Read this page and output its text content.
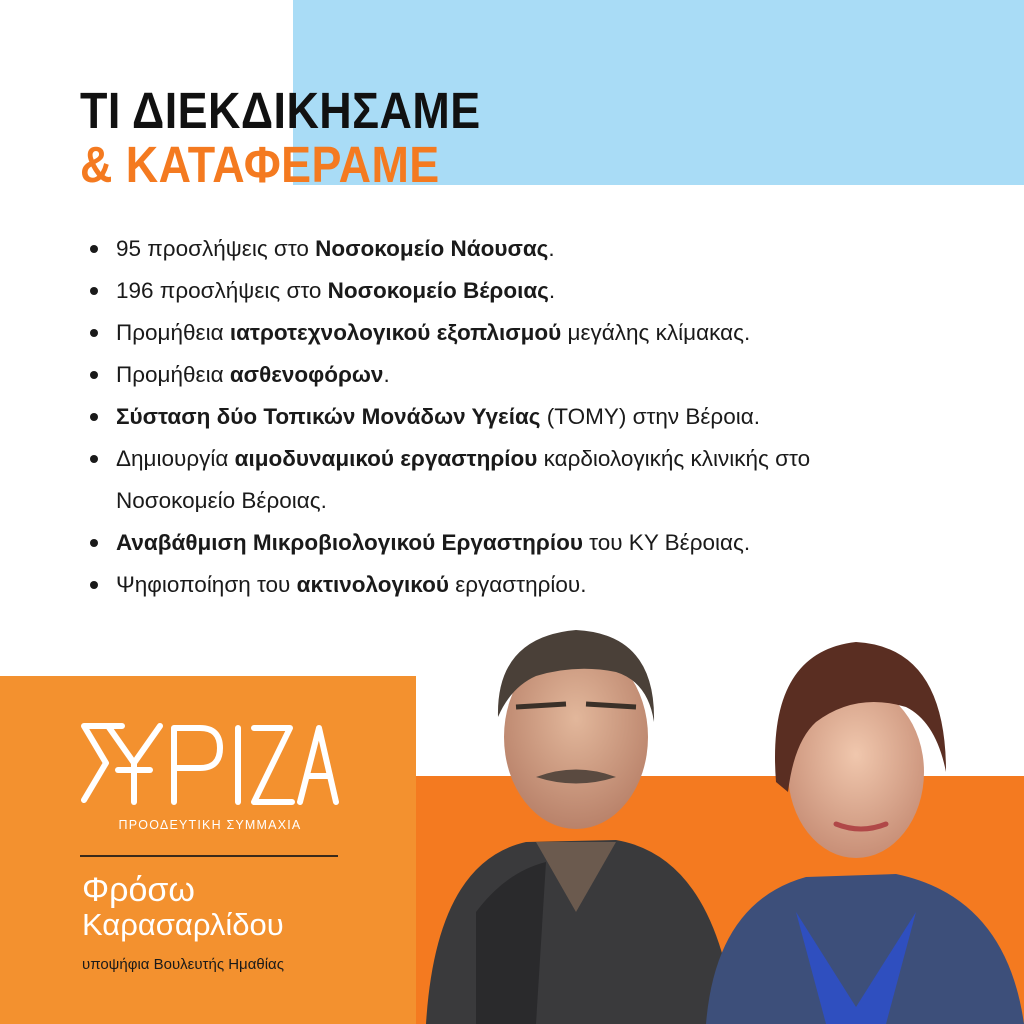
ΤΙ ΔΙΕΚΔΙΚΗΣΑΜΕ
& ΚΑΤΑΦΕΡΑΜΕ
95 προσλήψεις στο Νοσοκομείο Νάουσας.
196 προσλήψεις στο Νοσοκομείο Βέροιας.
Προμήθεια ιατροτεχνολογικού εξοπλισμού μεγάλης κλίμακας.
Προμήθεια ασθενοφόρων.
Σύσταση δύο Τοπικών Μονάδων Υγείας (ΤΟΜΥ) στην Βέροια.
Δημιουργία αιμοδυναμικού εργαστηρίου καρδιολογικής κλινικής στο Νοσοκομείο Βέροιας.
Αναβάθμιση Μικροβιολογικού Εργαστηρίου του ΚΥ Βέροιας.
Ψηφιοποίηση του ακτινολογικού εργαστηρίου.
ΠΡΟΟΔΕΥΤΙΚΗ ΣΥΜΜΑΧΙΑ
Φρόσω
Καρασαρλίδου
υποψήφια Βουλευτής Ημαθίας
